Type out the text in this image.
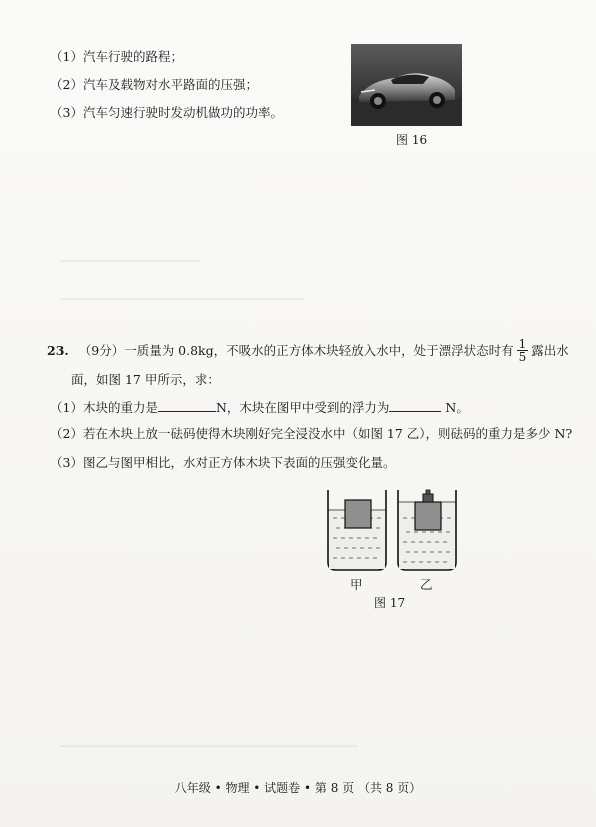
─────────────────────
─────────────────────────────────────
─────────────────────────────────────────────
（1）汽车行驶的路程；
（2）汽车及载物对水平路面的压强；
（3）汽车匀速行驶时发动机做功的功率。
图 16
23. （9分） 一质量为 0.8kg，不吸水的正方体木块轻放入水中，处于漂浮状态时有 $\frac{1}{5}$ 露出水
面，如图 17 甲所示，求：
（1）木块的重力是	N，木块在图甲中受到的浮力为	N。
（2）若在木块上放一砝码使得木块刚好完全浸没水中（如图 17 乙），则砝码的重力是多少 N?
（3）图乙与图甲相比，水对正方体木块下表面的压强变化量。
甲	乙
图 17
八年级 • 物理 • 试题卷 • 第 8 页 （共 8 页）
